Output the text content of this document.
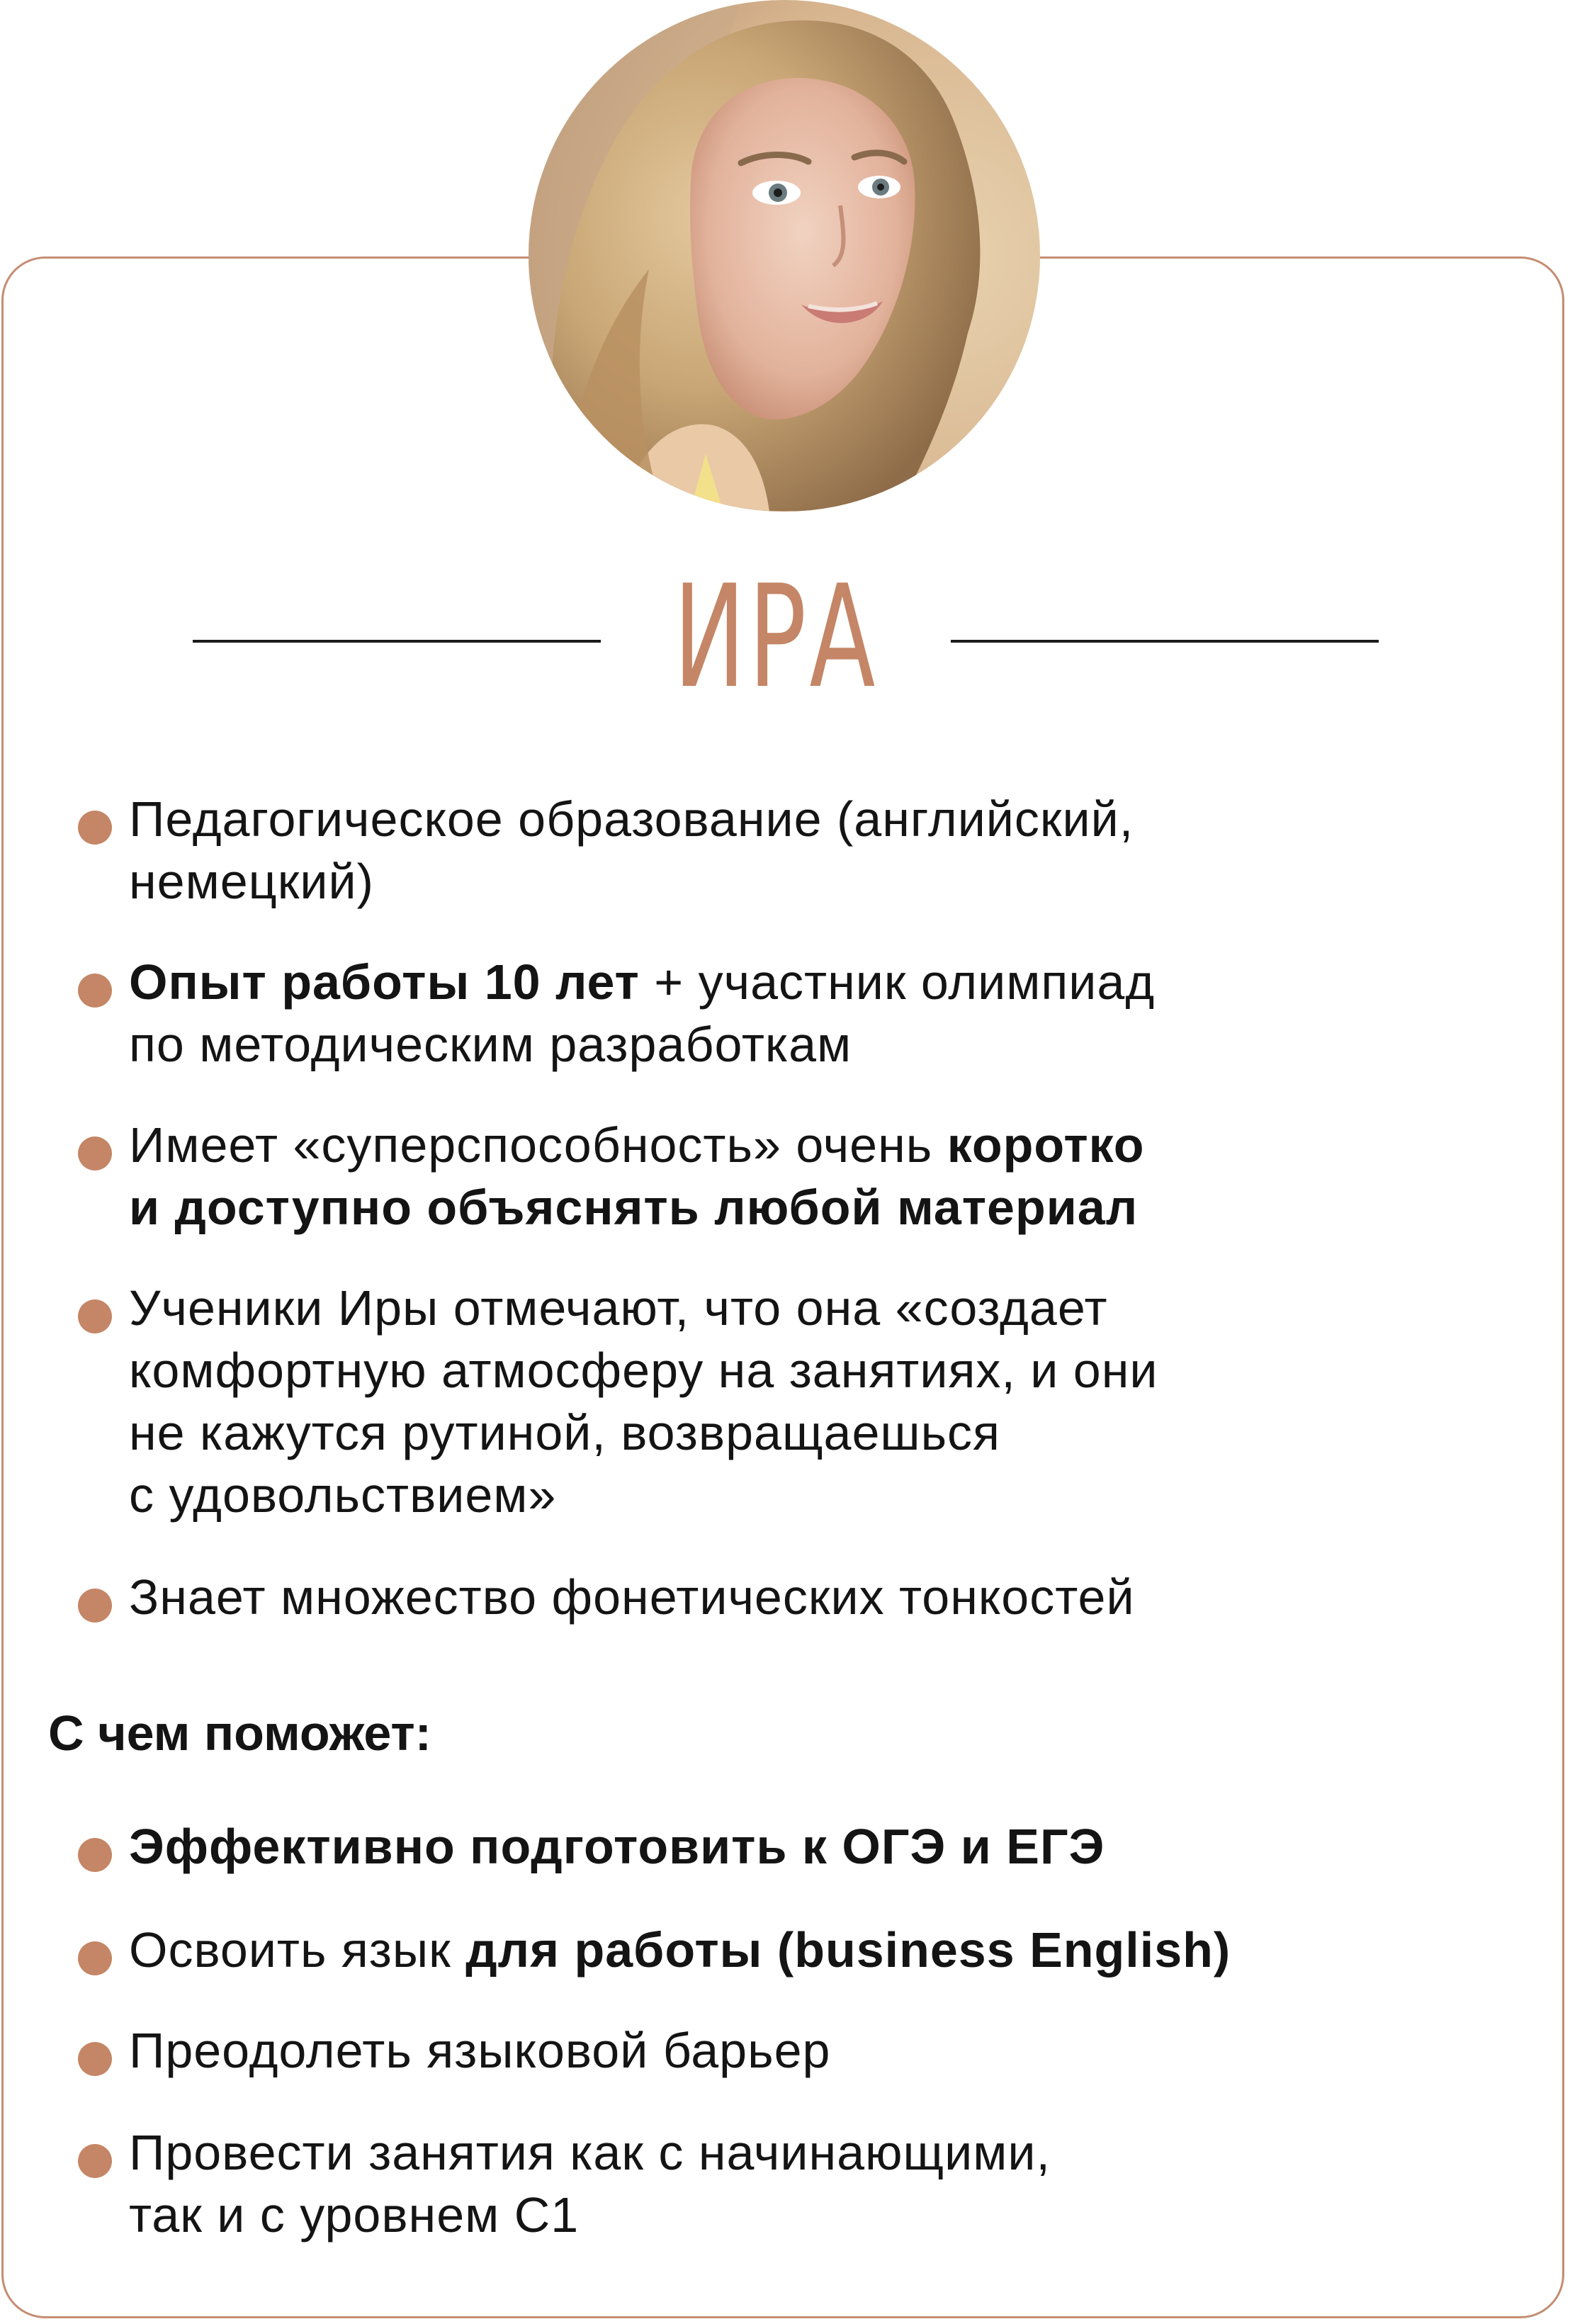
ИРА
Педагогическое образование (английский,
немецкий)
Опыт работы 10 лет + участник олимпиад
по методическим разработкам
Имеет «суперспособность» очень коротко
и доступно объяснять любой материал
Ученики Иры отмечают, что она «создает
комфортную атмосферу на занятиях, и они
не кажутся рутиной, возвращаешься
с удовольствием»
Знает множество фонетических тонкостей
С чем поможет:
Эффективно подготовить к ОГЭ и ЕГЭ
Освоить язык для работы (business English)
Преодолеть языковой барьер
Провести занятия как с начинающими,
так и с уровнем С1
